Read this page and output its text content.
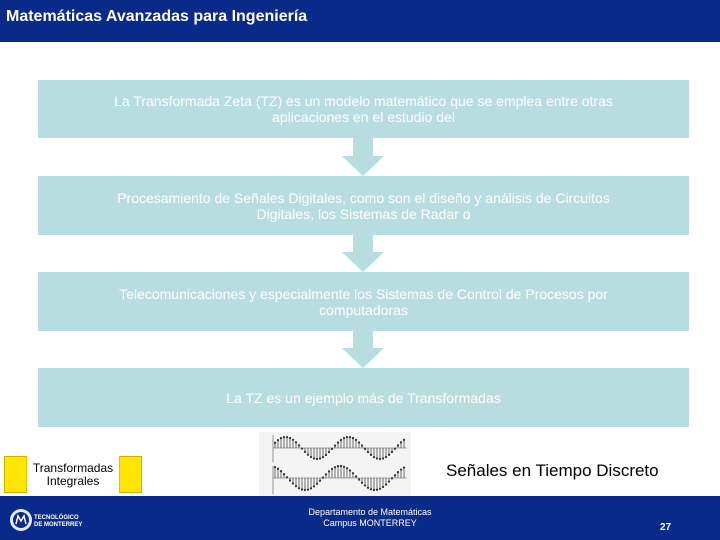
Matemáticas Avanzadas para Ingeniería
La Transformada Zeta (TZ) es un modelo matemático que se emplea entre otras
aplicaciones en el estudio del
Procesamiento de Señales Digitales, como son el diseño y análisis de Circuitos
Digitales, los Sistemas de Radar o
Telecomunicaciones y especialmente los Sistemas de Control de Procesos por
computadoras
La TZ es un ejemplo más de Transformadas
Transformadas
Integrales
Señales en Tiempo Discreto
TECNOLÓGICO
DE MONTERREY
Departamento de Matemáticas
Campus MONTERREY	27
